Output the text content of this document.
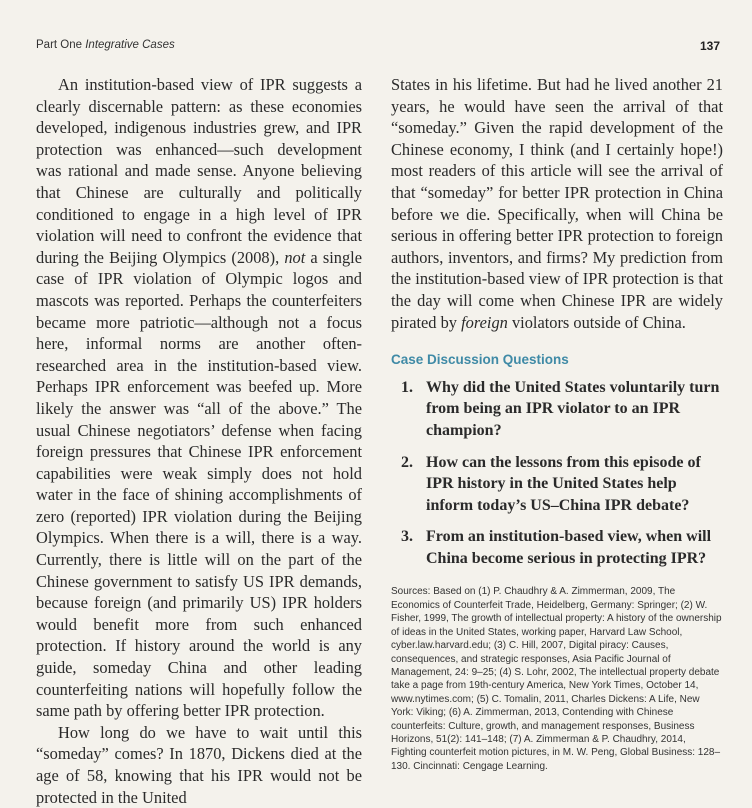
Part One Integrative Cases	137

An institution-based view of IPR suggests a clearly discernable pattern: as these economies developed, indigenous industries grew, and IPR protection was enhanced—such development was rational and made sense. Anyone believing that Chinese are culturally and politically conditioned to engage in a high level of IPR violation will need to confront the evidence that during the Beijing Olympics (2008), not a single case of IPR violation of Olympic logos and mascots was reported. Perhaps the counterfeiters became more patriotic—although not a focus here, informal norms are another often-researched area in the institution-based view. Perhaps IPR enforcement was beefed up. More likely the answer was “all of the above.” The usual Chinese negotiators’ defense when facing foreign pressures that Chinese IPR enforcement capabilities were weak simply does not hold water in the face of shining accomplishments of zero (reported) IPR violation during the Beijing Olympics. When there is a will, there is a way. Currently, there is little will on the part of the Chinese government to satisfy US IPR demands, because foreign (and primarily US) IPR holders would benefit more from such enhanced protection. If history around the world is any guide, someday China and other leading counterfeiting nations will hopefully follow the same path by offering better IPR protection.

How long do we have to wait until this “someday” comes? In 1870, Dickens died at the age of 58, knowing that his IPR would not be protected in the United

States in his lifetime. But had he lived another 21 years, he would have seen the arrival of that “someday.” Given the rapid development of the Chinese economy, I think (and I certainly hope!) most readers of this article will see the arrival of that “someday” for better IPR protection in China before we die. Specifically, when will China be serious in offering better IPR protection to foreign authors, inventors, and firms? My prediction from the institution-based view of IPR protection is that the day will come when Chinese IPR are widely pirated by foreign violators outside of China.

Case Discussion Questions
1. Why did the United States voluntarily turn from being an IPR violator to an IPR champion?
2. How can the lessons from this episode of IPR history in the United States help inform today’s US–China IPR debate?
3. From an institution-based view, when will China become serious in protecting IPR?
Sources: Based on (1) P. Chaudhry & A. Zimmerman, 2009, The Economics of Counterfeit Trade, Heidelberg, Germany: Springer; (2) W. Fisher, 1999, The growth of intellectual property: A history of the ownership of ideas in the United States, working paper, Harvard Law School, cyber.law.harvard.edu; (3) C. Hill, 2007, Digital piracy: Causes, consequences, and strategic responses, Asia Pacific Journal of Management, 24: 9–25; (4) S. Lohr, 2002, The intellectual property debate take a page from 19th-century America, New York Times, October 14, www.nytimes.com; (5) C. Tomalin, 2011, Charles Dickens: A Life, New York: Viking; (6) A. Zimmerman, 2013, Contending with Chinese counterfeits: Culture, growth, and management responses, Business Horizons, 51(2): 141–148; (7) A. Zimmerman & P. Chaudhry, 2014, Fighting counterfeit motion pictures, in M. W. Peng, Global Business: 128–130. Cincinnati: Cengage Learning.
